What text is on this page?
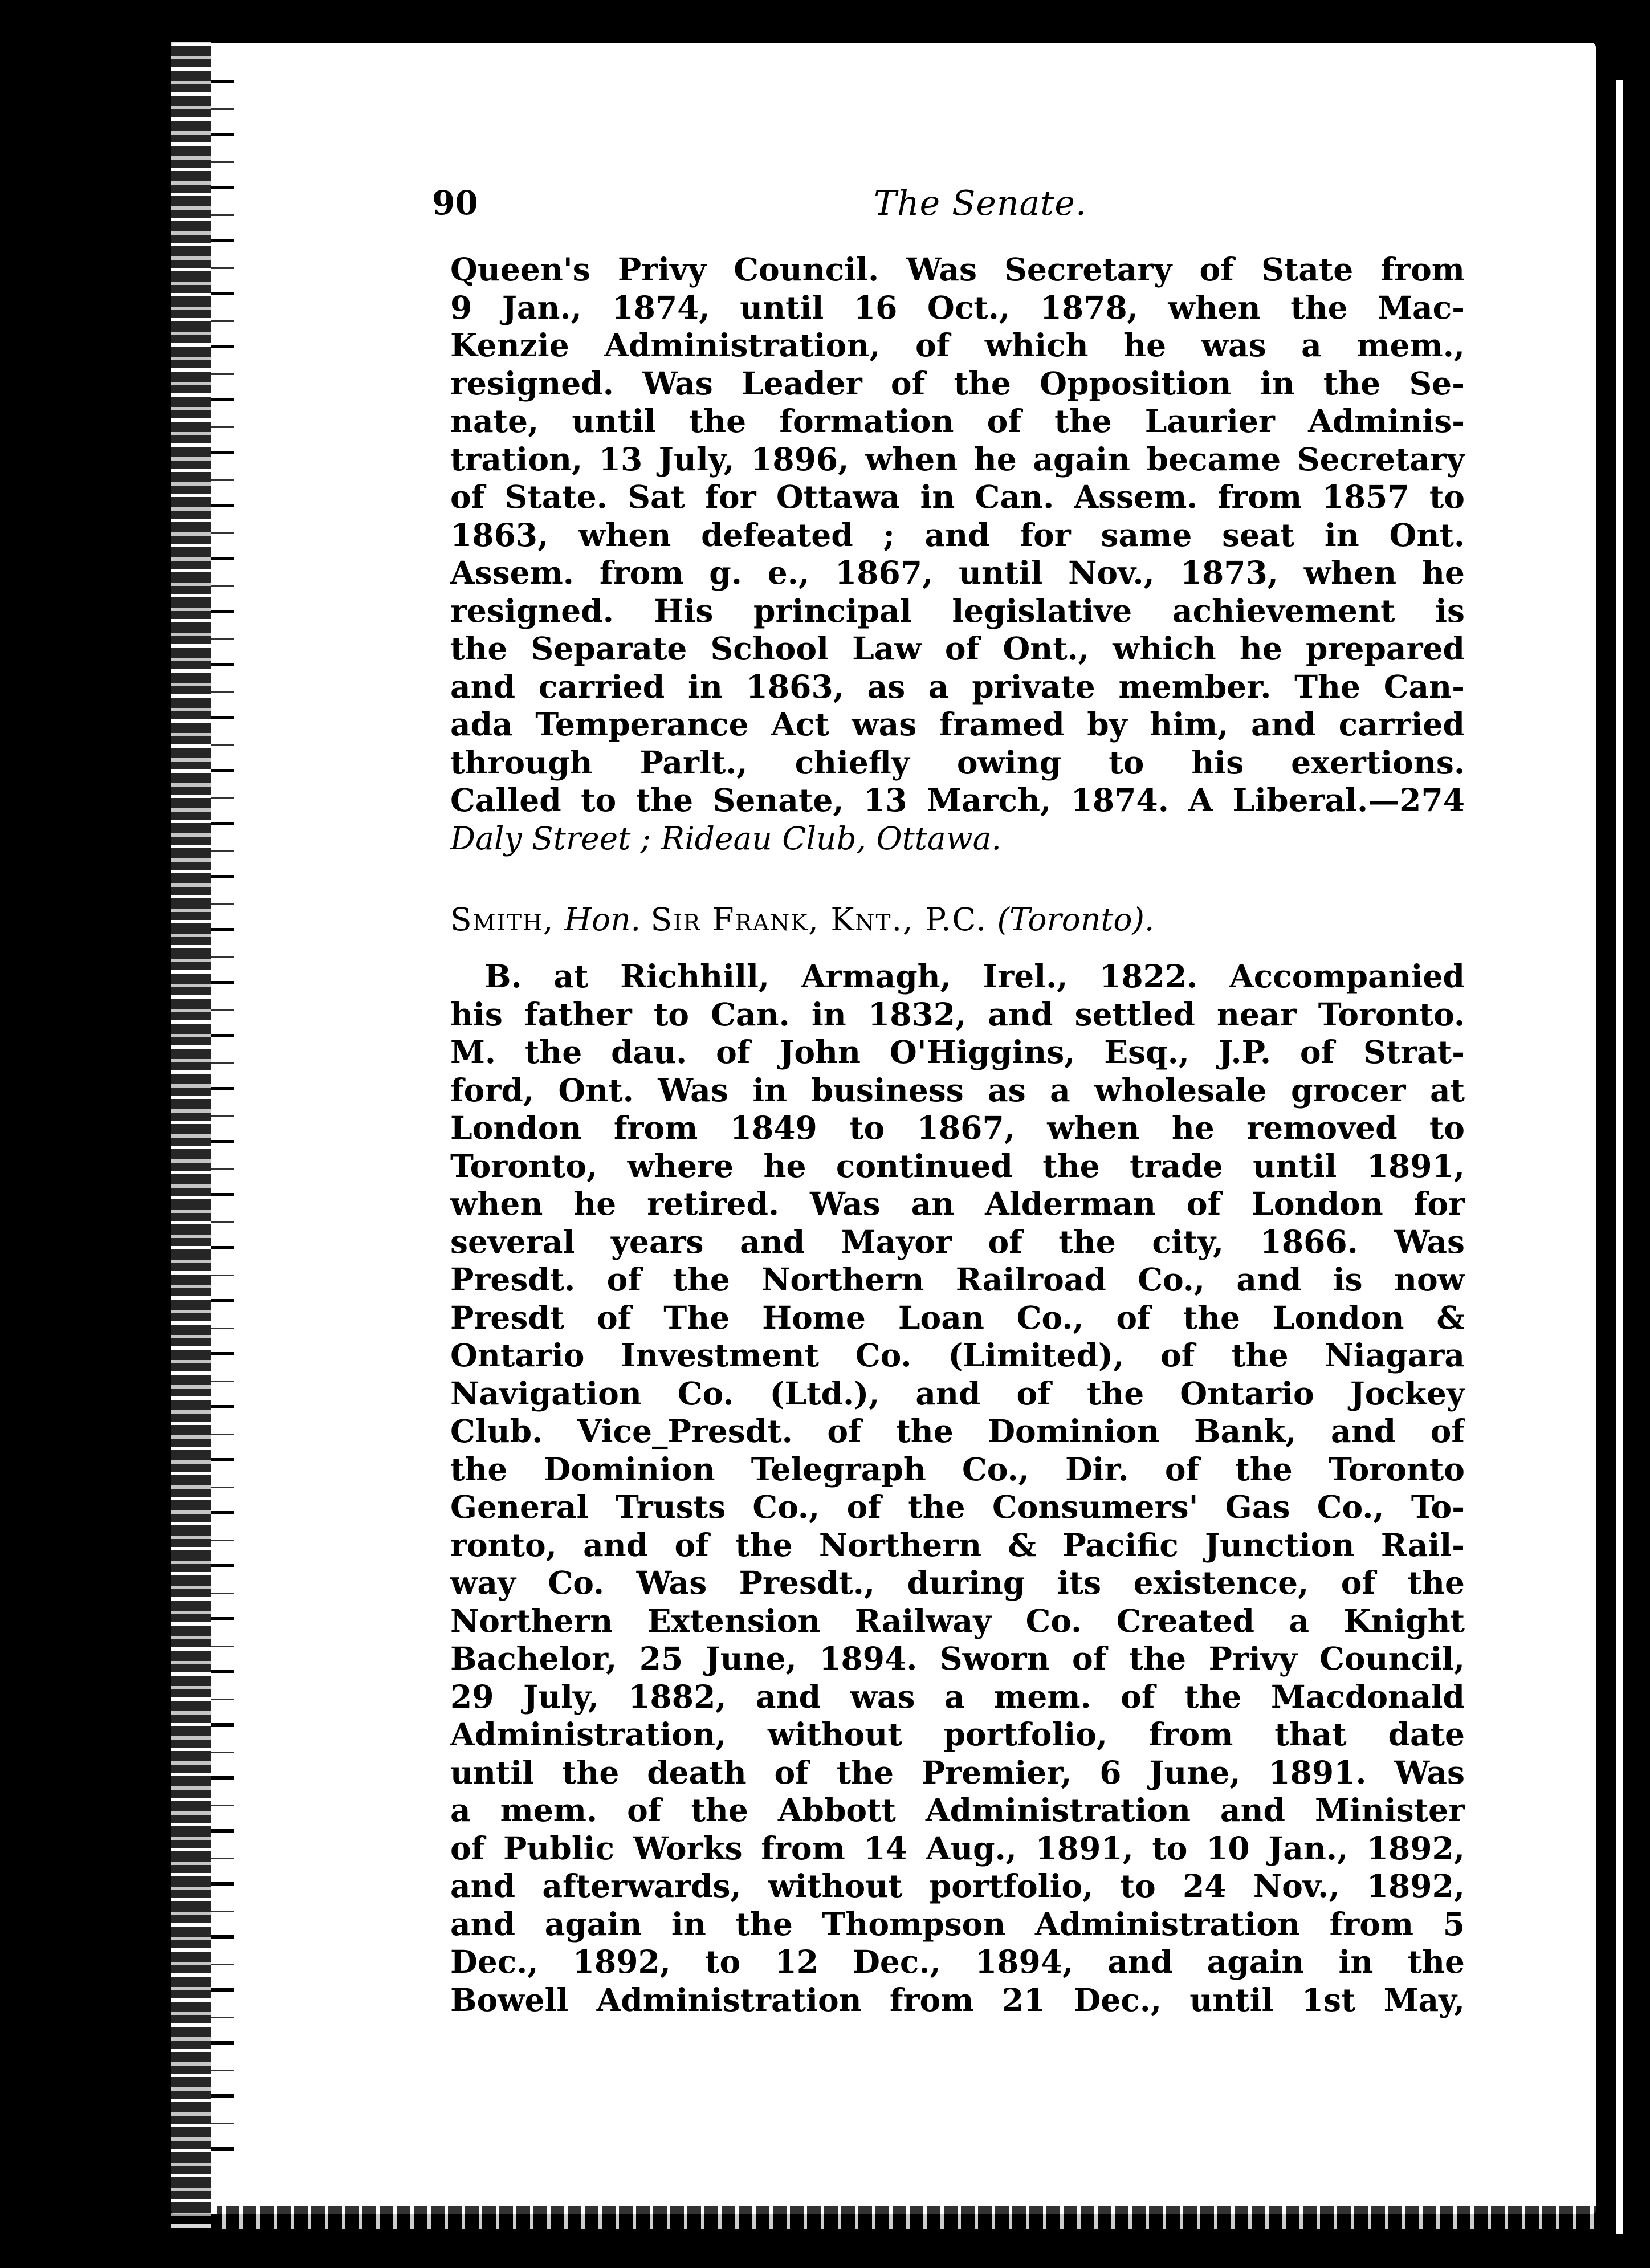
90	The Senate.
Queen's Privy Council. Was Secretary of State from
9 Jan., 1874, until 16 Oct., 1878, when the Mac-
Kenzie Administration, of which he was a mem.,
resigned. Was Leader of the Opposition in the Se-
nate, until the formation of the Laurier Adminis-
tration, 13 July, 1896, when he again became Secretary
of State. Sat for Ottawa in Can. Assem. from 1857 to
1863, when defeated ; and for same seat in Ont.
Assem. from g. e., 1867, until Nov., 1873, when he
resigned. His principal legislative achievement is
the Separate School Law of Ont., which he prepared
and carried in 1863, as a private member. The Can-
ada Temperance Act was framed by him, and carried
through Parlt., chiefly owing to his exertions.
Called to the Senate, 13 March, 1874. A Liberal.—274
Daly Street ; Rideau Club, Ottawa.
Smith, Hon. Sir Frank, Knt., P.C. (Toronto).
B. at Richhill, Armagh, Irel., 1822. Accompanied
his father to Can. in 1832, and settled near Toronto.
M. the dau. of John O'Higgins, Esq., J.P. of Strat-
ford, Ont. Was in business as a wholesale grocer at
London from 1849 to 1867, when he removed to
Toronto, where he continued the trade until 1891,
when he retired. Was an Alderman of London for
several years and Mayor of the city, 1866. Was
Presdt. of the Northern Railroad Co., and is now
Presdt of The Home Loan Co., of the London &
Ontario Investment Co. (Limited), of the Niagara
Navigation Co. (Ltd.), and of the Ontario Jockey
Club. Vice_Presdt. of the Dominion Bank, and of
the Dominion Telegraph Co., Dir. of the Toronto
General Trusts Co., of the Consumers' Gas Co., To-
ronto, and of the Northern & Pacific Junction Rail-
way Co. Was Presdt., during its existence, of the
Northern Extension Railway Co. Created a Knight
Bachelor, 25 June, 1894. Sworn of the Privy Council,
29 July, 1882, and was a mem. of the Macdonald
Administration, without portfolio, from that date
until the death of the Premier, 6 June, 1891. Was
a mem. of the Abbott Administration and Minister
of Public Works from 14 Aug., 1891, to 10 Jan., 1892,
and afterwards, without portfolio, to 24 Nov., 1892,
and again in the Thompson Administration from 5
Dec., 1892, to 12 Dec., 1894, and again in the
Bowell Administration from 21 Dec., until 1st May,
